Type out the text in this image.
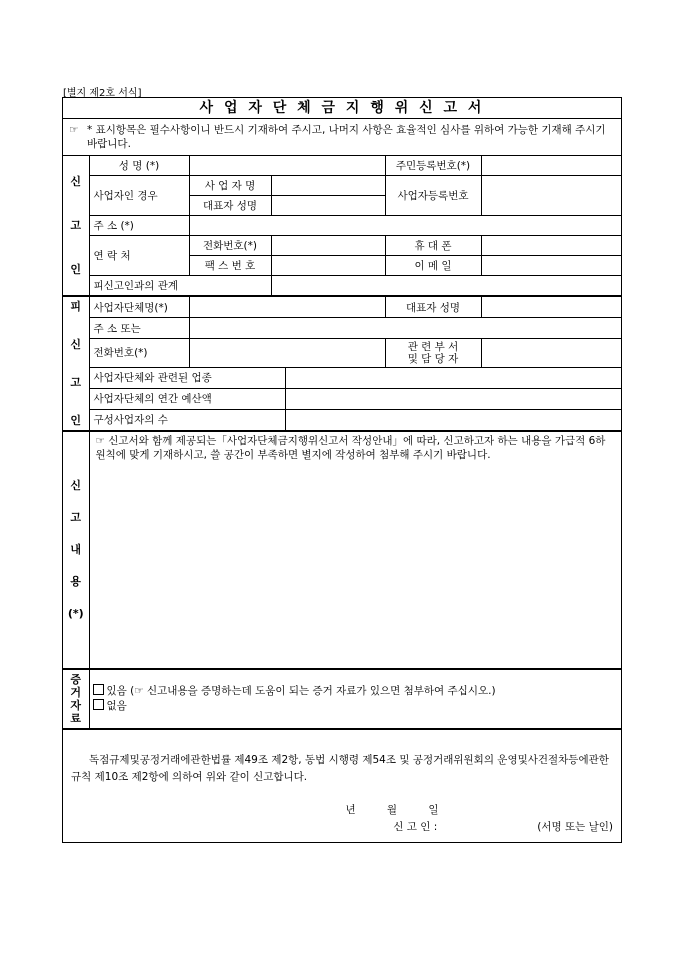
[별지 제2호 서식]
사 업 자 단 체 금 지 행 위 신 고 서
☞ * 표시항목은 필수사항이니 반드시 기재하여 주시고, 나머지 사항은 효율적인 심사를 위하여 가능한 기재해 주시기 바랍니다.
신

고

인	성 명 (*)			주민등록번호(*)	
	사업자인 경우	사 업 자 명		사업자등록번호	
		대표자 성명			
	주 소 (*)				
	연 락 처	전화번호(*)		휴 대 폰	
		팩 스 번 호		이 메 일	
	피신고인과의 관계				
피

신

고

인	사업자단체명(*)			대표자 성명	
	주 소 또는				
	전화번호(*)			관 련 부 서
및 담 당 자	
	사업자단체와 관련된 업종				
	사업자단체의 연간 예산액				
	구성사업자의 수				
신

고

내

용

(*)	
☞ 신고서와 함께 제공되는「사업자단체금지행위신고서 작성안내」에 따라, 신고하고자 하는 내용을 가급적 6하 원칙에 맞게 기재하시고, 쓸 공간이 부족하면 별지에 작성하여 첨부해 주시기 바랍니다.
증
거
자
료	
있음 (☞ 신고내용을 증명하는데 도움이 되는 증거 자료가 있으면 첨부하여 주십시오.)
없음
독점규제및공정거래에관한법률 제49조 제2항, 동법 시행령 제54조 및 공정거래위원회의 운영및사건절차등에관한규칙 제10조 제2항에 의하여 위와 같이 신고합니다.
년 월 일
신 고 인 :	(서명 또는 날인)
